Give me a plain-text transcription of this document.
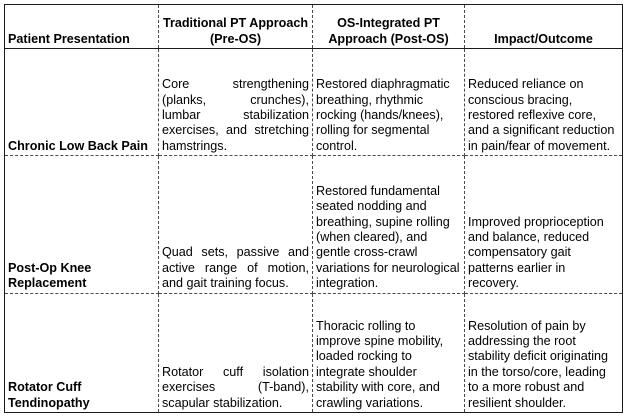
Patient Presentation	Traditional PT Approach (Pre-OS)	OS-Integrated PT Approach (Post-OS)	Impact/Outcome
Chronic Low Back Pain	Core strengthening (planks, crunches), lumbar stabilization exercises, and stretching hamstrings.	Restored diaphragmatic breathing, rhythmic rocking (hands/knees), rolling for segmental control.	Reduced reliance on conscious bracing, restored reflexive core, and a significant reduction in pain/fear of movement.
Post-Op Knee Replacement	Quad sets, passive and active range of motion, and gait training focus.	Restored fundamental seated nodding and breathing, supine rolling (when cleared), and gentle cross-crawl variations for neurological integration.	Improved proprioception and balance, reduced compensatory gait patterns earlier in recovery.
Rotator Cuff Tendinopathy	Rotator cuff isolation exercises (T-band), scapular stabilization.	Thoracic rolling to improve spine mobility, loaded rocking to integrate shoulder stability with core, and crawling variations.	Resolution of pain by addressing the root stability deficit originating in the torso/core, leading to a more robust and resilient shoulder.
